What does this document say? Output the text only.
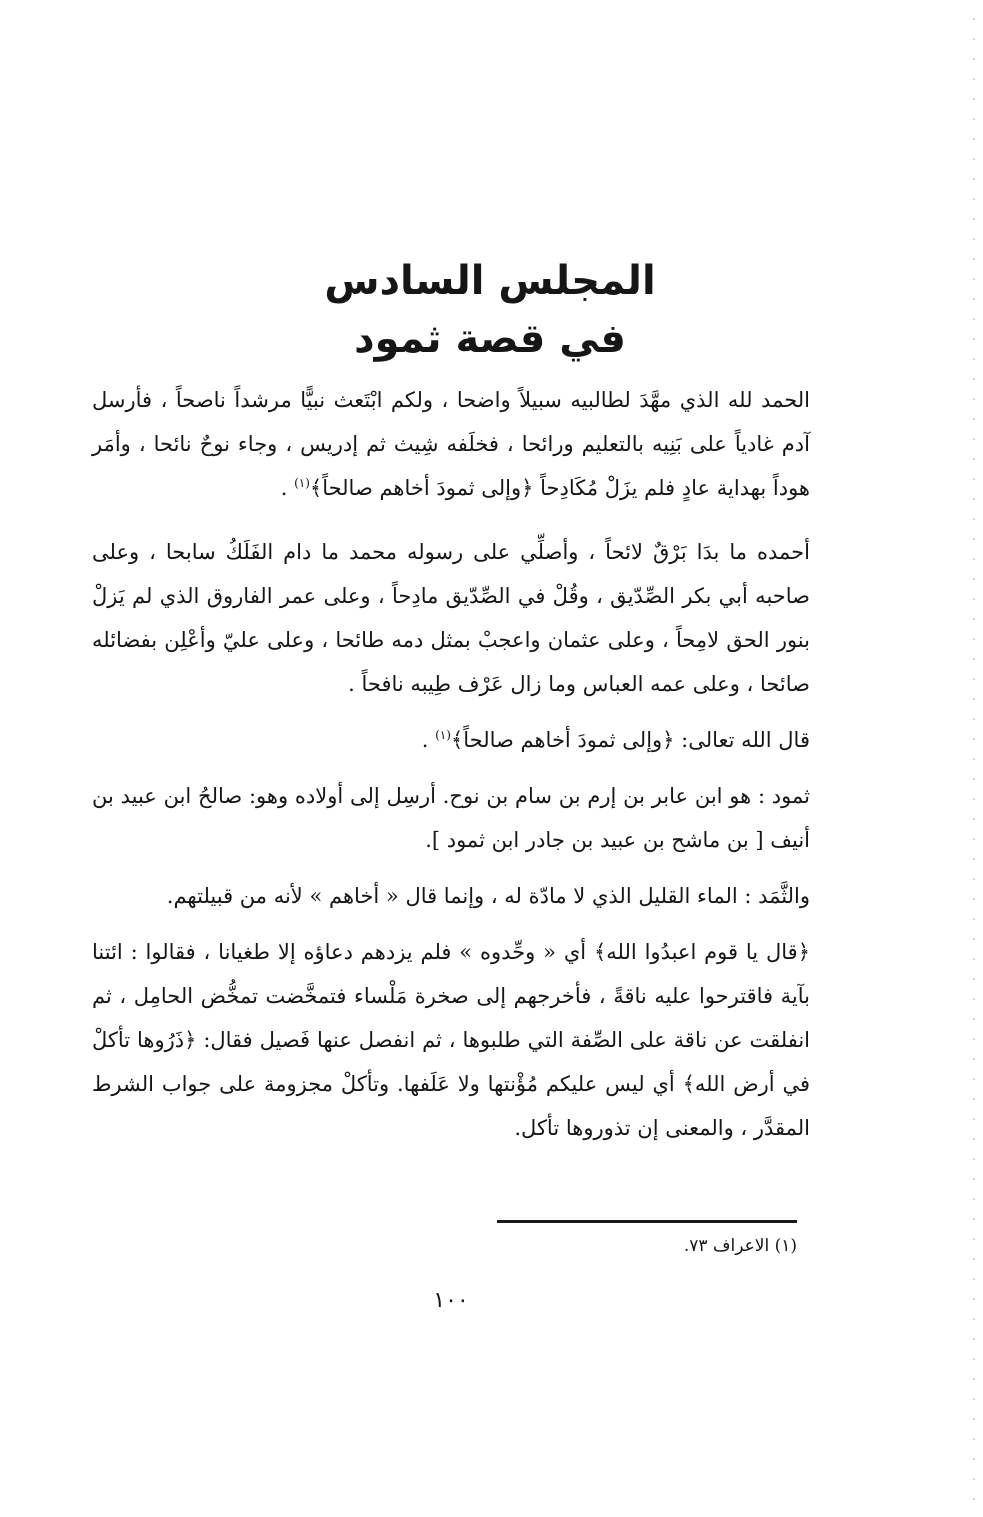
المجلس السادس

في قصة ثمود

الحمد لله الذي مهَّدَ لطالبيه سبيلاً واضحا ، ولكم ابْتَعث نبيًّا مرشداً ناصحاً ، فأرسل آدم غادياً على بَنِيه بالتعليم ورائحا ، فخلَفه شِيث ثم إدريس ، وجاء نوحٌ نائحا ، وأمَر هوداً بهداية عادٍ فلم يزَلْ مُكَادِحاً ﴿وإلى ثمودَ أخاهم صالحاً﴾$^{(١)}$ .

أحمده ما بدَا بَرْقٌ لائحاً ، وأصلِّي على رسوله محمد ما دام الفَلَكُ سابحا ، وعلى صاحبه أبي بكر الصِّدّيق ، وقُلْ في الصِّدّيق مادِحاً ، وعلى عمر الفاروق الذي لم يَزلْ بنور الحق لامِحاً ، وعلى عثمان واعجبْ بمثل دمه طائحا ، وعلى عليّ وأعْلِن بفضائله صائحا ، وعلى عمه العباس وما زال عَرْف طِيبه نافحاً .

قال الله تعالى: ﴿وإلى ثمودَ أخاهم صالحاً﴾$^{(١)}$ .

ثمود : هو ابن عابر بن إرم بن سام بن نوح. أرسِل إلى أولاده وهو: صالحُ ابن عبيد بن أنيف [ بن ماشح بن عبيد بن جادر ابن ثمود ].

والثَّمَد : الماء القليل الذي لا مادّة له ، وإنما قال « أخاهم » لأنه من قبيلتهم.

﴿قال يا قوم اعبدُوا الله﴾ أي « وحِّدوه » فلم يزدهم دعاؤه إلا طغيانا ، فقالوا : ائتنا بآية فاقترحوا عليه ناقةً ، فأخرجهم إلى صخرة مَلْساء فتمخَّضت تمخُّض الحامِل ، ثم انفلقت عن ناقة على الصِّفة التي طلبوها ، ثم انفصل عنها فَصيل فقال: ﴿ذَرُوها تأكلْ في أرض الله﴾ أي ليس عليكم مُؤْنتها ولا عَلَفها. وتأكلْ مجزومة على جواب الشرط المقدَّر ، والمعنى إن تذوروها تأكل.

(١) الاعراف ٧٣.
١٠٠
